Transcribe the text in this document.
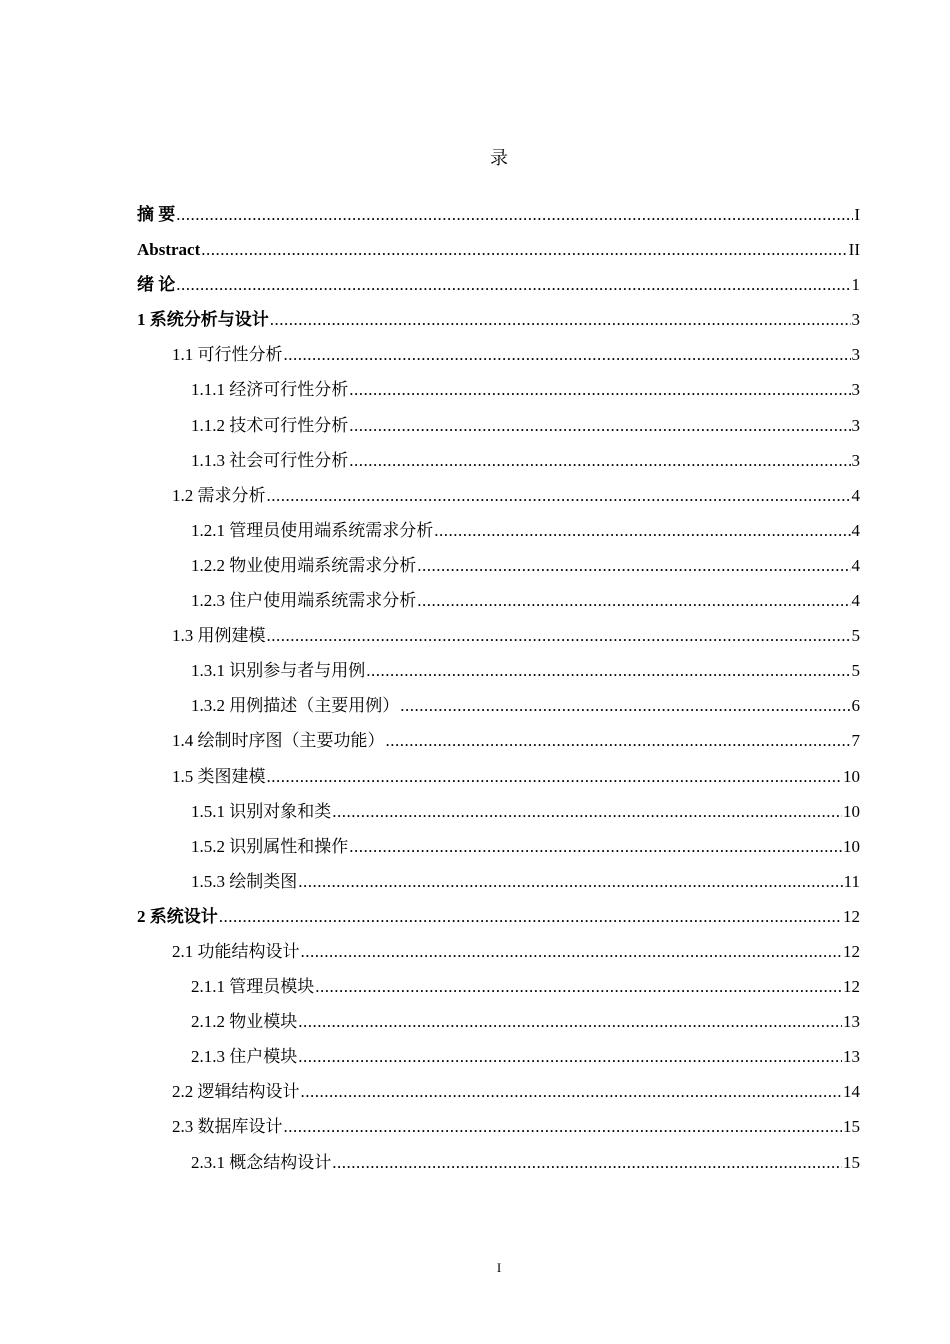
录
摘 要 .....	I
Abstract .....	II
绪 论 .....	1
1 系统分析与设计 .....	3
1.1 可行性分析 .....	3
1.1.1 经济可行性分析 .....	3
1.1.2 技术可行性分析 .....	3
1.1.3 社会可行性分析 .....	3
1.2 需求分析 .....	4
1.2.1 管理员使用端系统需求分析 .....	4
1.2.2 物业使用端系统需求分析 .....	4
1.2.3 住户使用端系统需求分析 .....	4
1.3 用例建模 .....	5
1.3.1 识别参与者与用例 .....	5
1.3.2 用例描述（主要用例） .....	6
1.4 绘制时序图（主要功能） .....	7
1.5 类图建模 .....	10
1.5.1 识别对象和类 .....	10
1.5.2 识别属性和操作 .....	10
1.5.3 绘制类图 .....	11
2 系统设计 .....	12
2.1 功能结构设计 .....	12
2.1.1 管理员模块 .....	12
2.1.2 物业模块 .....	13
2.1.3 住户模块 .....	13
2.2 逻辑结构设计 .....	14
2.3 数据库设计 .....	15
2.3.1 概念结构设计 .....	15
I
